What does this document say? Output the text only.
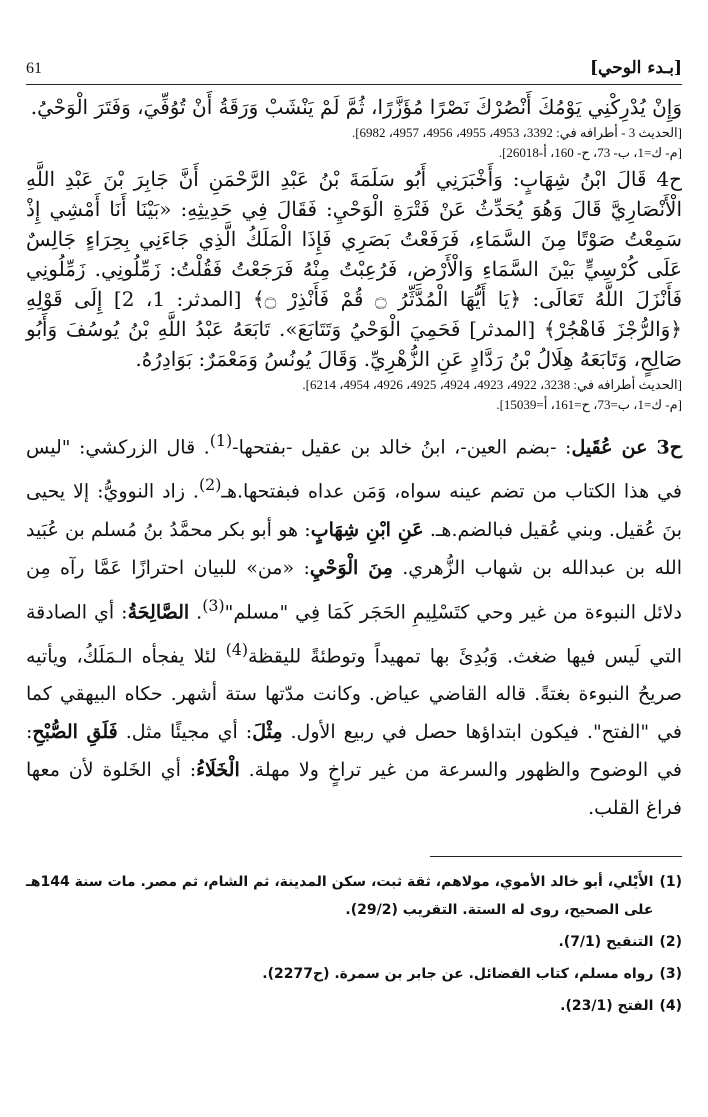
61	[بـدء الوحي]

وَإِنْ يُدْرِكْنِي يَوْمُكَ أَنْصُرْكَ نَصْرًا مُؤَزَّرًا، ثُمَّ لَمْ يَنْشَبْ وَرَقَةُ أَنْ تُوُفِّيَ، وَفَتَرَ الْوَحْيُ.

[الحديث 3 - أطرافه في: 3392، 4953، 4955، 4956، 4957، 6982].

[م- ك=1، ب- 73، ح- 160، أ-26018].

ح4 قَالَ ابْنُ شِهَابٍ: وَأَخْبَرَنِي أَبُو سَلَمَةَ بْنُ عَبْدِ الرَّحْمَنِ أَنَّ جَابِرَ بْنَ عَبْدِ اللَّهِ الْأَنْصَارِيَّ قَالَ وَهُوَ يُحَدِّثُ عَنْ فَتْرَةِ الْوَحْيِ: فَقَالَ فِي حَدِيثِهِ: «بَيْنَا أَنَا أَمْشِي إِذْ سَمِعْتُ صَوْتًا مِنَ السَّمَاءِ، فَرَفَعْتُ بَصَرِي فَإِذَا الْمَلَكُ الَّذِي جَاءَنِي بِحِرَاءٍ جَالِسٌ عَلَى كُرْسِيٍّ بَيْنَ السَّمَاءِ وَالْأَرْضِ، فَرُعِبْتُ مِنْهُ فَرَجَعْتُ فَقُلْتُ: زَمِّلُونِي. زَمِّلُونِي فَأَنْزَلَ اللَّهُ تَعَالَى: ﴿يَا أَيُّهَا الْمُدَّثِّرُ ۝ قُمْ فَأَنْذِرْ ۝﴾ [المدثر: 1، 2] إِلَى قَوْلِهِ ﴿وَالرُّجْزَ فَاهْجُرْ﴾ [المدثر] فَحَمِيَ الْوَحْيُ وَتَتَابَعَ». تَابَعَهُ عَبْدُ اللَّهِ بْنُ يُوسُفَ وَأَبُو صَالِحٍ، وَتَابَعَهُ هِلَالُ بْنُ رَدَّادٍ عَنِ الزُّهْرِيِّ. وَقَالَ يُونُسُ وَمَعْمَرٌ: بَوَادِرُهُ.

[الحديث أطرافه في: 3238، 4922، 4923، 4924، 4925، 4926، 4954، 6214].

[م- ك=1، ب=73، ح=161، أ=15039].

ح3 عن عُقَيل: -بضم العين-، ابنُ خالد بن عقيل -بفتحها-$^{(1)}$. قال الزركشي: "ليس في هذا الكتاب من تضم عينه سواه، وَمَن عداه فبفتحها.هـ$^{(2)}$. زاد النوويُّ: إلا يحيى بنَ عُقيل. وبني عُقيل فبالضم.هـ. عَنِ ابْنِ شِهَابٍ: هو أبو بكر محمَّدُ بنُ مُسلم بن عُبَيد الله بن عبدالله بن شهاب الزُّهري. مِنَ الْوَحْيِ: «من» للبيان احترازًا عَمَّا رآه مِن دلائل النبوءة من غير وحي كتَسْلِيمِ الحَجَر كَمَا فِي "مسلم"$^{(3)}$. الصَّالِحَةُ: أي الصادقة التي لَيس فيها ضغث. وَبُدِئَ بها تمهيداً وتوطئةً لليقظة$^{(4)}$ لئلا يفجأه الـمَلَكُ، ويأتيه صريحُ النبوءة بغتةً. قاله القاضي عياض. وكانت مدّتها ستة أشهر. حكاه البيهقي كما في "الفتح". فيكون ابتداؤها حصل في ربيع الأول. مِثْلَ: أي مجيئًا مثل. فَلَقِ الصُّبْحِ: في الوضوح والظهور والسرعة من غير تراخٍ ولا مهلة. الْخَلَاءُ: أي الخَلوة لأن معها فراغ القلب.

(1)
الأَيْلي، أبو خالد الأموي، مولاهم، ثقة ثبت، سكن المدينة، ثم الشام، ثم مصر. مات سنة 144هـ على الصحيح، روى له الستة. التقريب (29/2).
(2)
التنقيح (7/1).
(3)
رواه مسلم، كتاب الفضائل. عن جابر بن سمرة. (ح2277).
(4)
الفتح (23/1).
